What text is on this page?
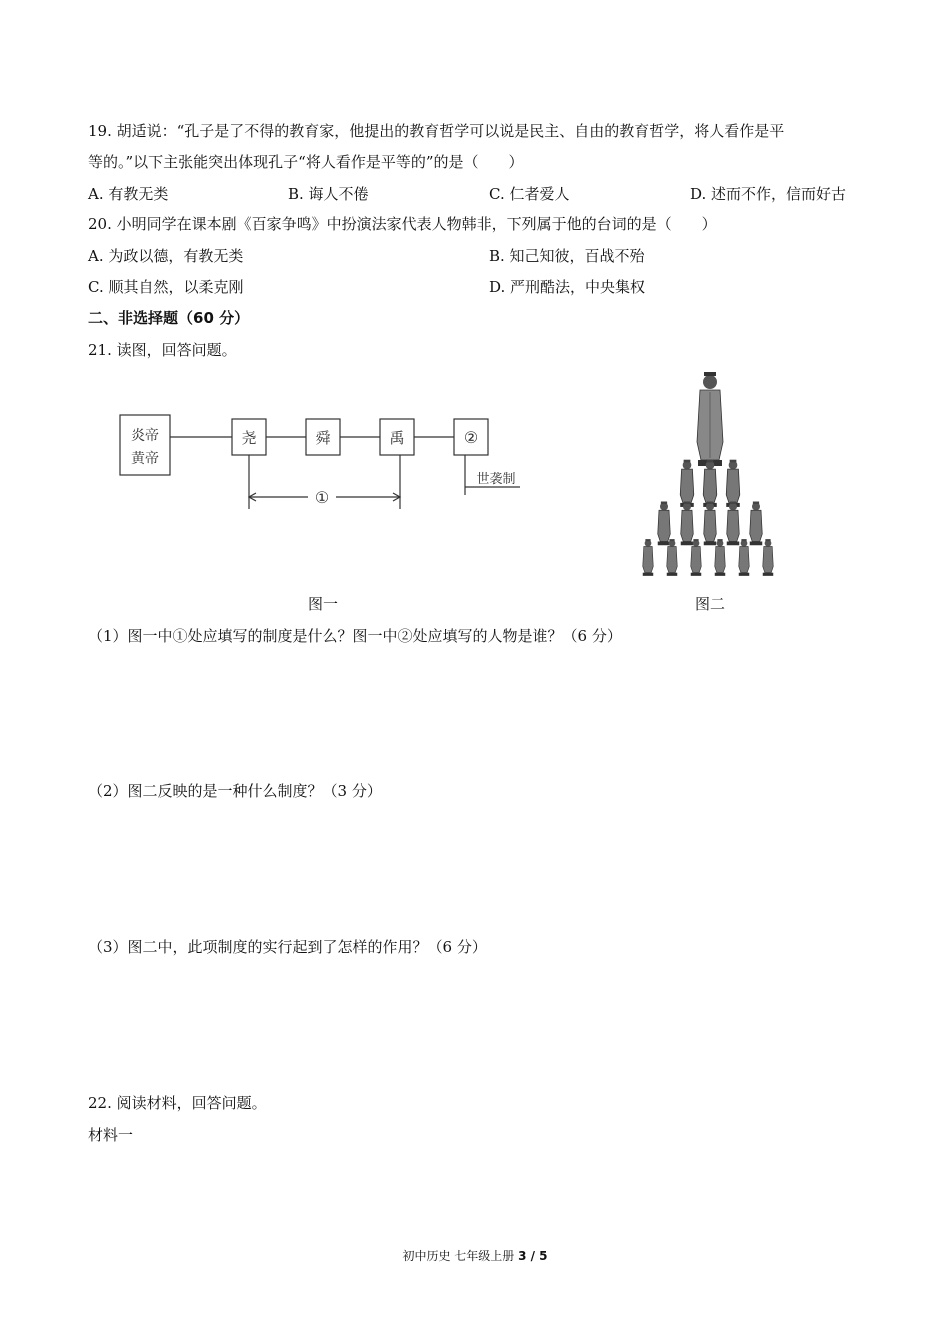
19. 胡适说：“孔子是了不得的教育家，他提出的教育哲学可以说是民主、自由的教育哲学，将人看作是平
等的。”以下主张能突出体现孔子“将人看作是平等的”的是（　　）
A. 有教无类	B. 诲人不倦	C. 仁者爱人	D. 述而不作，信而好古
20. 小明同学在课本剧《百家争鸣》中扮演法家代表人物韩非，下列属于他的台词的是（　　）
A. 为政以德，有教无类	B. 知己知彼，百战不殆
C. 顺其自然，以柔克刚	D. 严刑酷法，中央集权
二、非选择题（60 分）
21. 读图，回答问题。
炎帝
黄帝
尧	舜	禹	②
①
世袭制
图一	图二
（1）图一中①处应填写的制度是什么？图一中②处应填写的人物是谁？（6 分）
（2）图二反映的是一种什么制度？（3 分）
（3）图二中，此项制度的实行起到了怎样的作用？（6 分）
22. 阅读材料，回答问题。
材料一
初中历史 七年级上册 3 / 5
